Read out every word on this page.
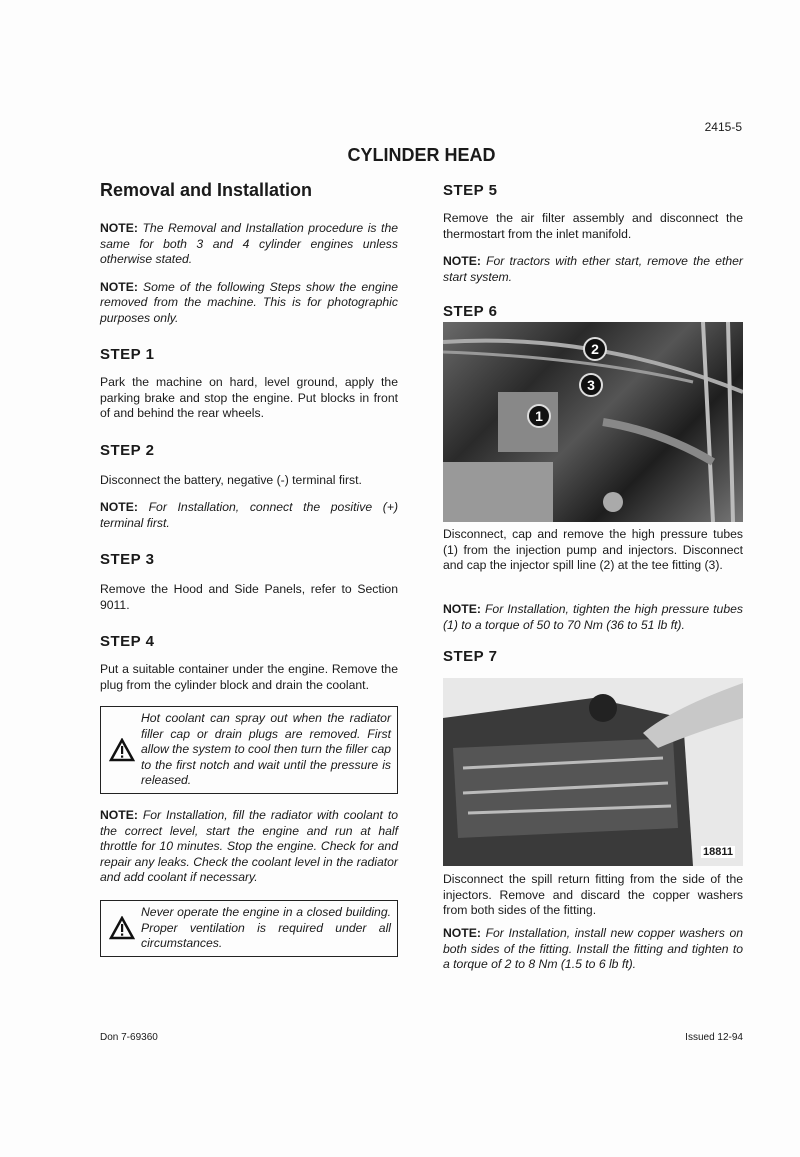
2415-5
CYLINDER HEAD
Removal and Installation

NOTE: The Removal and Installation procedure is the same for both 3 and 4 cylinder engines unless otherwise stated.

NOTE: Some of the following Steps show the engine removed from the machine. This is for photographic purposes only.

STEP 1

Park the machine on hard, level ground, apply the parking brake and stop the engine. Put blocks in front of and behind the rear wheels.

STEP 2

Disconnect the battery, negative (-) terminal first.

NOTE: For Installation, connect the positive (+) terminal first.

STEP 3

Remove the Hood and Side Panels, refer to Section 9011.

STEP 4

Put a suitable container under the engine. Remove the plug from the cylinder block and drain the coolant.

Hot coolant can spray out when the radiator filler cap or drain plugs are removed. First allow the system to cool then turn the filler cap to the first notch and wait until the pressure is released.

NOTE: For Installation, fill the radiator with coolant to the correct level, start the engine and run at half throttle for 10 minutes. Stop the engine. Check for and repair any leaks. Check the coolant level in the radiator and add coolant if necessary.

Never operate the engine in a closed building. Proper ventilation is required under all circumstances.

STEP 5

Remove the air filter assembly and disconnect the thermostart from the inlet manifold.

NOTE: For tractors with ether start, remove the ether start system.

STEP 6
2
3
1

Disconnect, cap and remove the high pressure tubes (1) from the injection pump and injectors. Disconnect and cap the injector spill line (2) at the tee fitting (3).

NOTE: For Installation, tighten the high pressure tubes (1) to a torque of 50 to 70 Nm (36 to 51 lb ft).

STEP 7
18811

Disconnect the spill return fitting from the side of the injectors. Remove and discard the copper washers from both sides of the fitting.

NOTE: For Installation, install new copper washers on both sides of the fitting. Install the fitting and tighten to a torque of 2 to 8 Nm (1.5 to 6 lb ft).

Don 7-69360	Issued 12-94
